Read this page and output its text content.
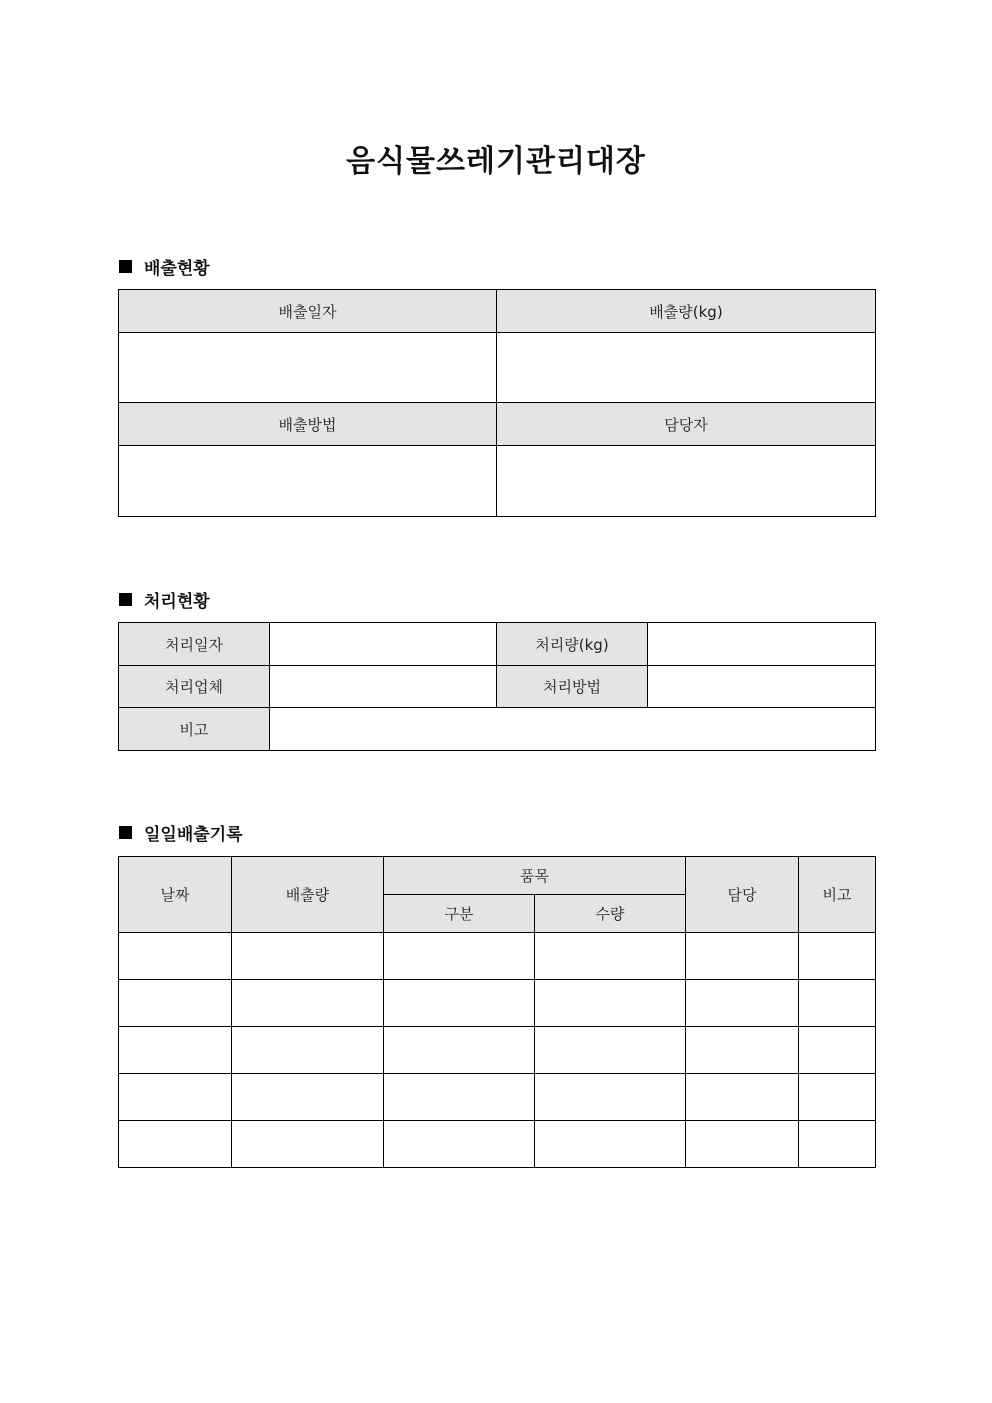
음식물쓰레기관리대장
배출현황
배출일자	배출량(kg)

배출방법	담당자

처리현황
처리일자		처리량(kg)	
처리업체		처리방법	
비고			
일일배출기록
날짜	배출량	품목		담당	비고
		구분	수량		
